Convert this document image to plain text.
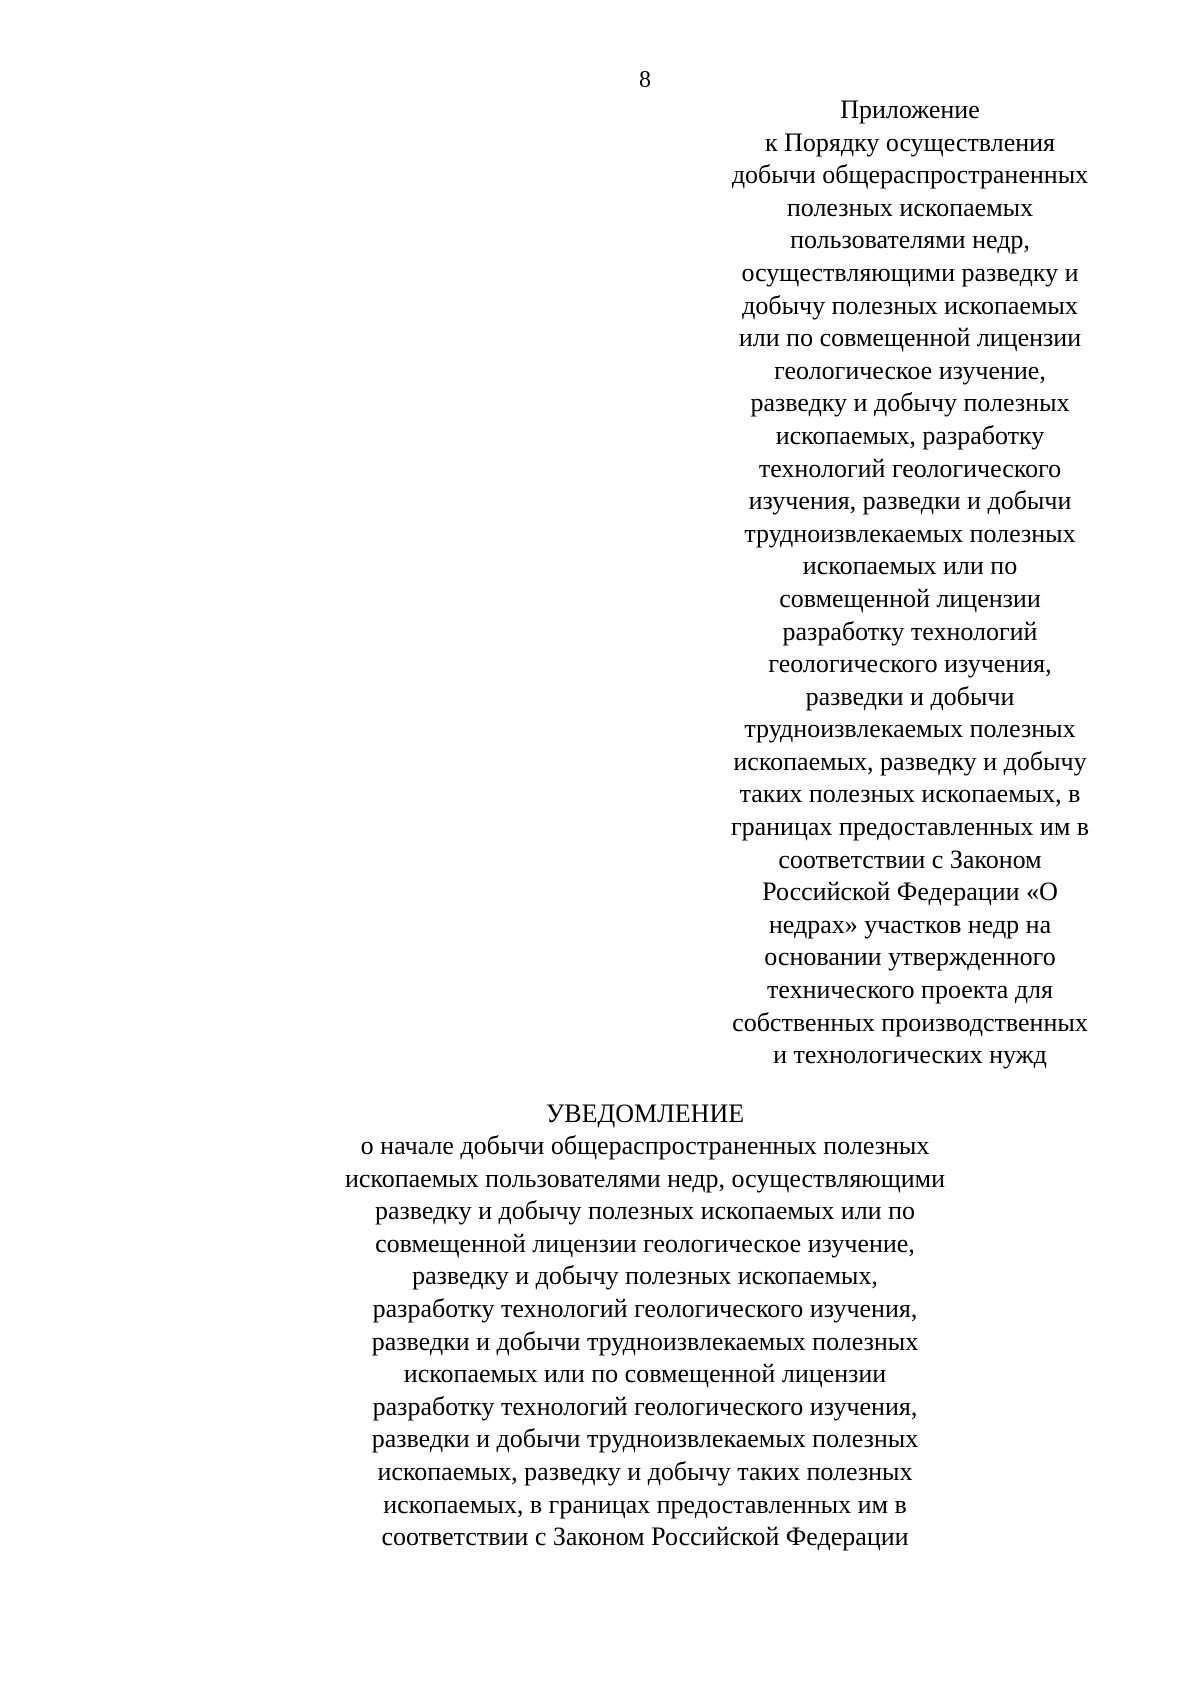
8
Приложение
к Порядку осуществления
добычи общераспространенных
полезных ископаемых
пользователями недр,
осуществляющими разведку и
добычу полезных ископаемых
или по совмещенной лицензии
геологическое изучение,
разведку и добычу полезных
ископаемых, разработку
технологий геологического
изучения, разведки и добычи
трудноизвлекаемых полезных
ископаемых или по
совмещенной лицензии
разработку технологий
геологического изучения,
разведки и добычи
трудноизвлекаемых полезных
ископаемых, разведку и добычу
таких полезных ископаемых, в
границах предоставленных им в
соответствии с Законом
Российской Федерации «О
недрах» участков недр на
основании утвержденного
технического проекта для
собственных производственных
и технологических нужд
УВЕДОМЛЕНИЕ
о начале добычи общераспространенных полезных
ископаемых пользователями недр, осуществляющими
разведку и добычу полезных ископаемых или по
совмещенной лицензии геологическое изучение,
разведку и добычу полезных ископаемых,
разработку технологий геологического изучения,
разведки и добычи трудноизвлекаемых полезных
ископаемых или по совмещенной лицензии
разработку технологий геологического изучения,
разведки и добычи трудноизвлекаемых полезных
ископаемых, разведку и добычу таких полезных
ископаемых, в границах предоставленных им в
соответствии с Законом Российской Федерации
